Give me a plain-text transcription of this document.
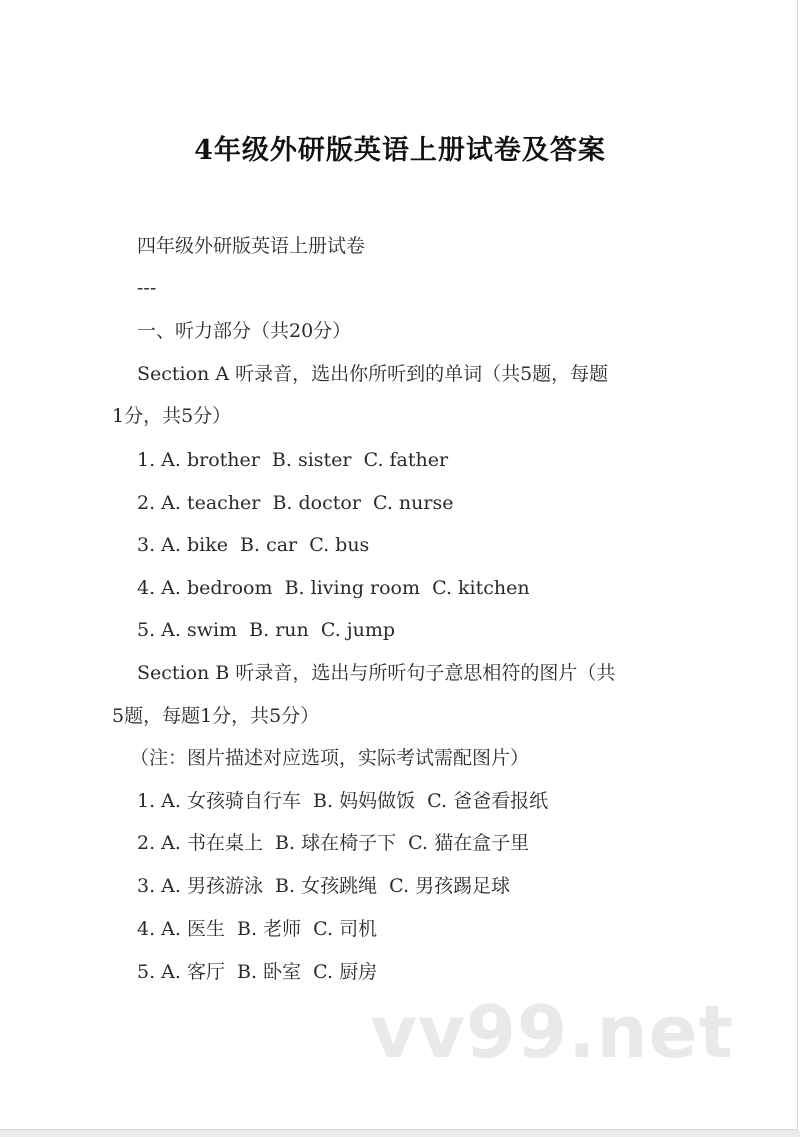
4年级外研版英语上册试卷及答案

四年级外研版英语上册试卷

---

一、听力部分（共20分）

Section A 听录音，选出你所听到的单词（共5题，每题

1分，共5分）

1. A. brother  B. sister  C. father

2. A. teacher  B. doctor  C. nurse

3. A. bike  B. car  C. bus

4. A. bedroom  B. living room  C. kitchen

5. A. swim  B. run  C. jump

Section B 听录音，选出与所听句子意思相符的图片（共

5题，每题1分，共5分）

（注：图片描述对应选项，实际考试需配图片）

1. A. 女孩骑自行车  B. 妈妈做饭  C. 爸爸看报纸

2. A. 书在桌上  B. 球在椅子下  C. 猫在盒子里

3. A. 男孩游泳  B. 女孩跳绳  C. 男孩踢足球

4. A. 医生  B. 老师  C. 司机

5. A. 客厅  B. 卧室  C. 厨房

vv99.net
